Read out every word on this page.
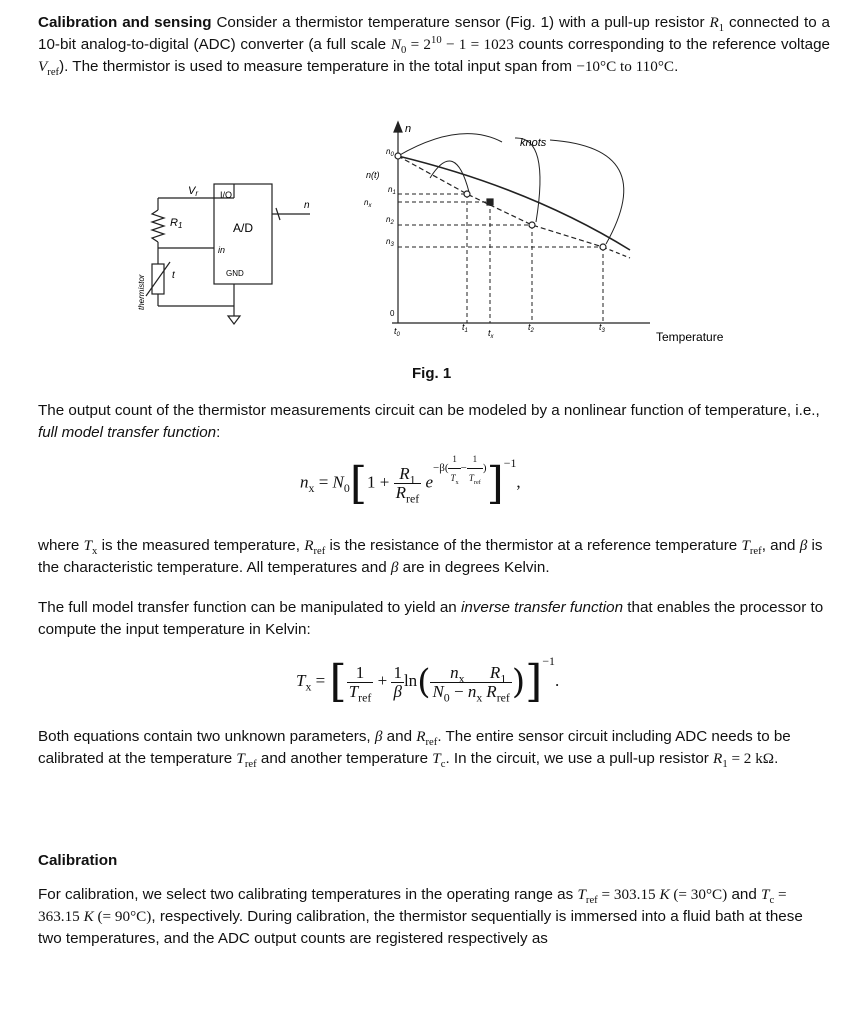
Calibration and sensing Consider a thermistor temperature sensor (Fig. 1) with a pull-up resistor $R_1$ connected to a 10-bit analog-to-digital (ADC) converter (a full scale $N_0 = 2^{10} - 1 = 1023$ counts corresponding to the reference voltage $V_{ref}$). The thermistor is used to measure temperature in the total input span from −10°C to 110°C.
Vr I/O
A/D
in
GND
R1
n
t
thermistor
n
knots
n(t)
$n_0$
$n_1$
$n_x$
$n_2$
$n_3$
0
$t_0$
$t_1$ $t_x$
$t_2$	$t_3$	Temperature
Fig. 1
The output count of the thermistor measurements circuit can be modeled by a nonlinear function of temperature, i.e., full model transfer function:
$n_x = N_0[1 + \frac{R_1}{R_{ref}} e^{-\beta( \frac{1}{T_x} - \frac{1}{T_{ref}} )}]^{-1}$,
where $T_x$ is the measured temperature, $R_{ref}$ is the resistance of the thermistor at a reference temperature $T_{ref}$, and β is the characteristic temperature. All temperatures and β are in degrees Kelvin.
The full model transfer function can be manipulated to yield an inverse transfer function that enables the processor to compute the input temperature in Kelvin:
$T_x$ = [ $\frac{1}{T_{ref}} + \frac{1}{\beta} \ln( \frac{n_x}{N_0 - n_x} \frac{R_1}{R_{ref}} )]^{-1}$.
Both equations contain two unknown parameters, β and $R_{ref}$. The entire sensor circuit including ADC needs to be calibrated at the temperature $T_{ref}$ and another temperature $T_c$. In the circuit, we use a pull-up resistor $R_1 = 2$ kΩ.
Calibration
For calibration, we select two calibrating temperatures in the operating range as $T_{ref} = 303.15$ K (= 30°C) and $T_c = 363.15$ K (= 90°C), respectively. During calibration, the thermistor sequentially is immersed into a fluid bath at these two temperatures, and the ADC output counts are registered respectively as
